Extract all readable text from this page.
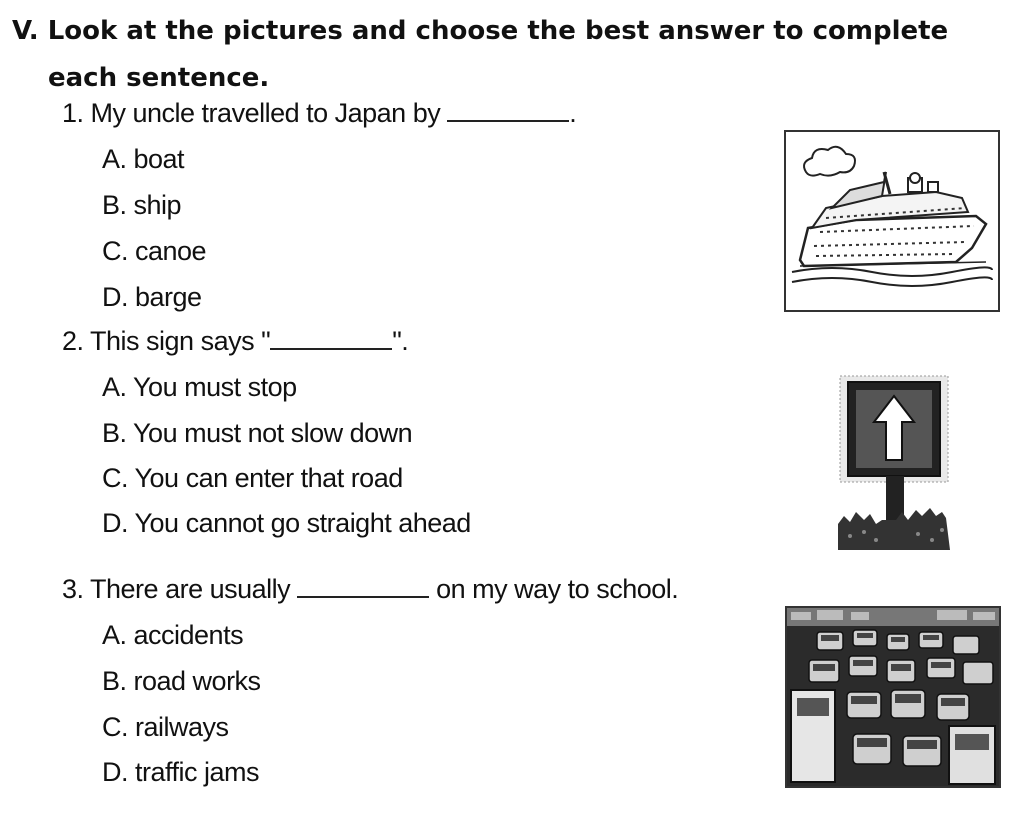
V. Look at the pictures and choose the best answer to complete
each sentence.
1. My uncle travelled to Japan by	.
A. boat
B. ship
C. canoe
D. barge
2. This sign says "	".
A. You must stop
B. You must not slow down
C. You can enter that road
D. You cannot go straight ahead
3. There are usually	on my way to school.
A. accidents
B. road works
C. railways
D. traffic jams
